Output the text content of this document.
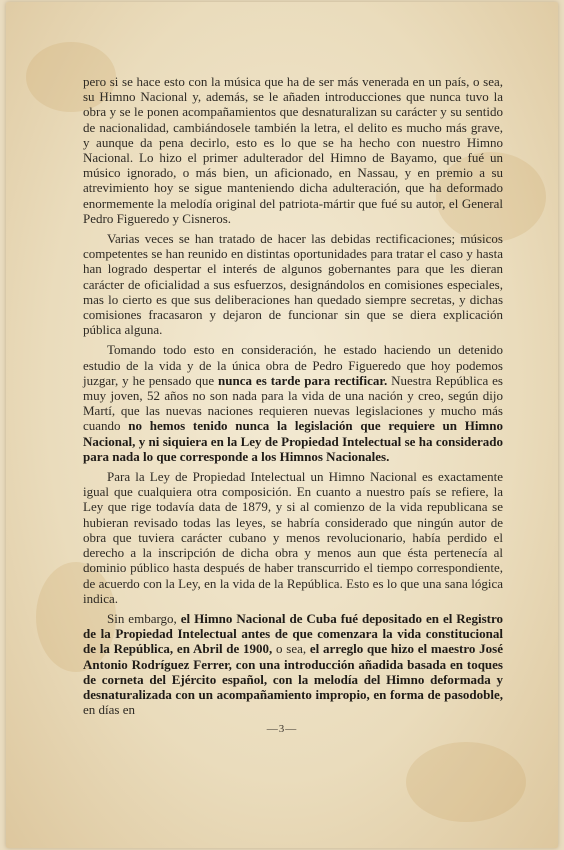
pero si se hace esto con la música que ha de ser más venerada en un país, o sea, su Himno Nacional y, además, se le añaden introducciones que nunca tuvo la obra y se le ponen acompañamientos que desnaturalizan su carácter y su sentido de nacionalidad, cambiándosele también la letra, el delito es mucho más grave, y aunque da pena decirlo, esto es lo que se ha hecho con nuestro Himno Nacional. Lo hizo el primer adulterador del Himno de Bayamo, que fué un músico ignorado, o más bien, un aficionado, en Nassau, y en premio a su atrevimiento hoy se sigue manteniendo dicha adulteración, que ha deformado enormemente la melodía original del patriota-mártir que fué su autor, el General Pedro Figueredo y Cisneros.

Varias veces se han tratado de hacer las debidas rectificaciones; músicos competentes se han reunido en distintas oportunidades para tratar el caso y hasta han logrado despertar el interés de algunos gobernantes para que les dieran carácter de oficialidad a sus esfuerzos, designándolos en comisiones especiales, mas lo cierto es que sus deliberaciones han quedado siempre secretas, y dichas comisiones fracasaron y dejaron de funcionar sin que se diera explicación pública alguna.

Tomando todo esto en consideración, he estado haciendo un detenido estudio de la vida y de la única obra de Pedro Figueredo que hoy podemos juzgar, y he pensado que nunca es tarde para rectificar. Nuestra República es muy joven, 52 años no son nada para la vida de una nación y creo, según dijo Martí, que las nuevas naciones requieren nuevas legislaciones y mucho más cuando no hemos tenido nunca la legislación que requiere un Himno Nacional, y ni siquiera en la Ley de Propiedad Intelectual se ha considerado para nada lo que corresponde a los Himnos Nacionales.

Para la Ley de Propiedad Intelectual un Himno Nacional es exactamente igual que cualquiera otra composición. En cuanto a nuestro país se refiere, la Ley que rige todavía data de 1879, y si al comienzo de la vida republicana se hubieran revisado todas las leyes, se habría considerado que ningún autor de obra que tuviera carácter cubano y menos revolucionario, había perdido el derecho a la inscripción de dicha obra y menos aun que ésta pertenecía al dominio público hasta después de haber transcurrido el tiempo correspondiente, de acuerdo con la Ley, en la vida de la República. Esto es lo que una sana lógica indica.

Sin embargo, el Himno Nacional de Cuba fué depositado en el Registro de la Propiedad Intelectual antes de que comenzara la vida constitucional de la República, en Abril de 1900, o sea, el arreglo que hizo el maestro José Antonio Rodríguez Ferrer, con una introducción añadida basada en toques de corneta del Ejército español, con la melodía del Himno deformada y desnaturalizada con un acompañamiento impropio, en forma de pasodoble, en días en

—3—
